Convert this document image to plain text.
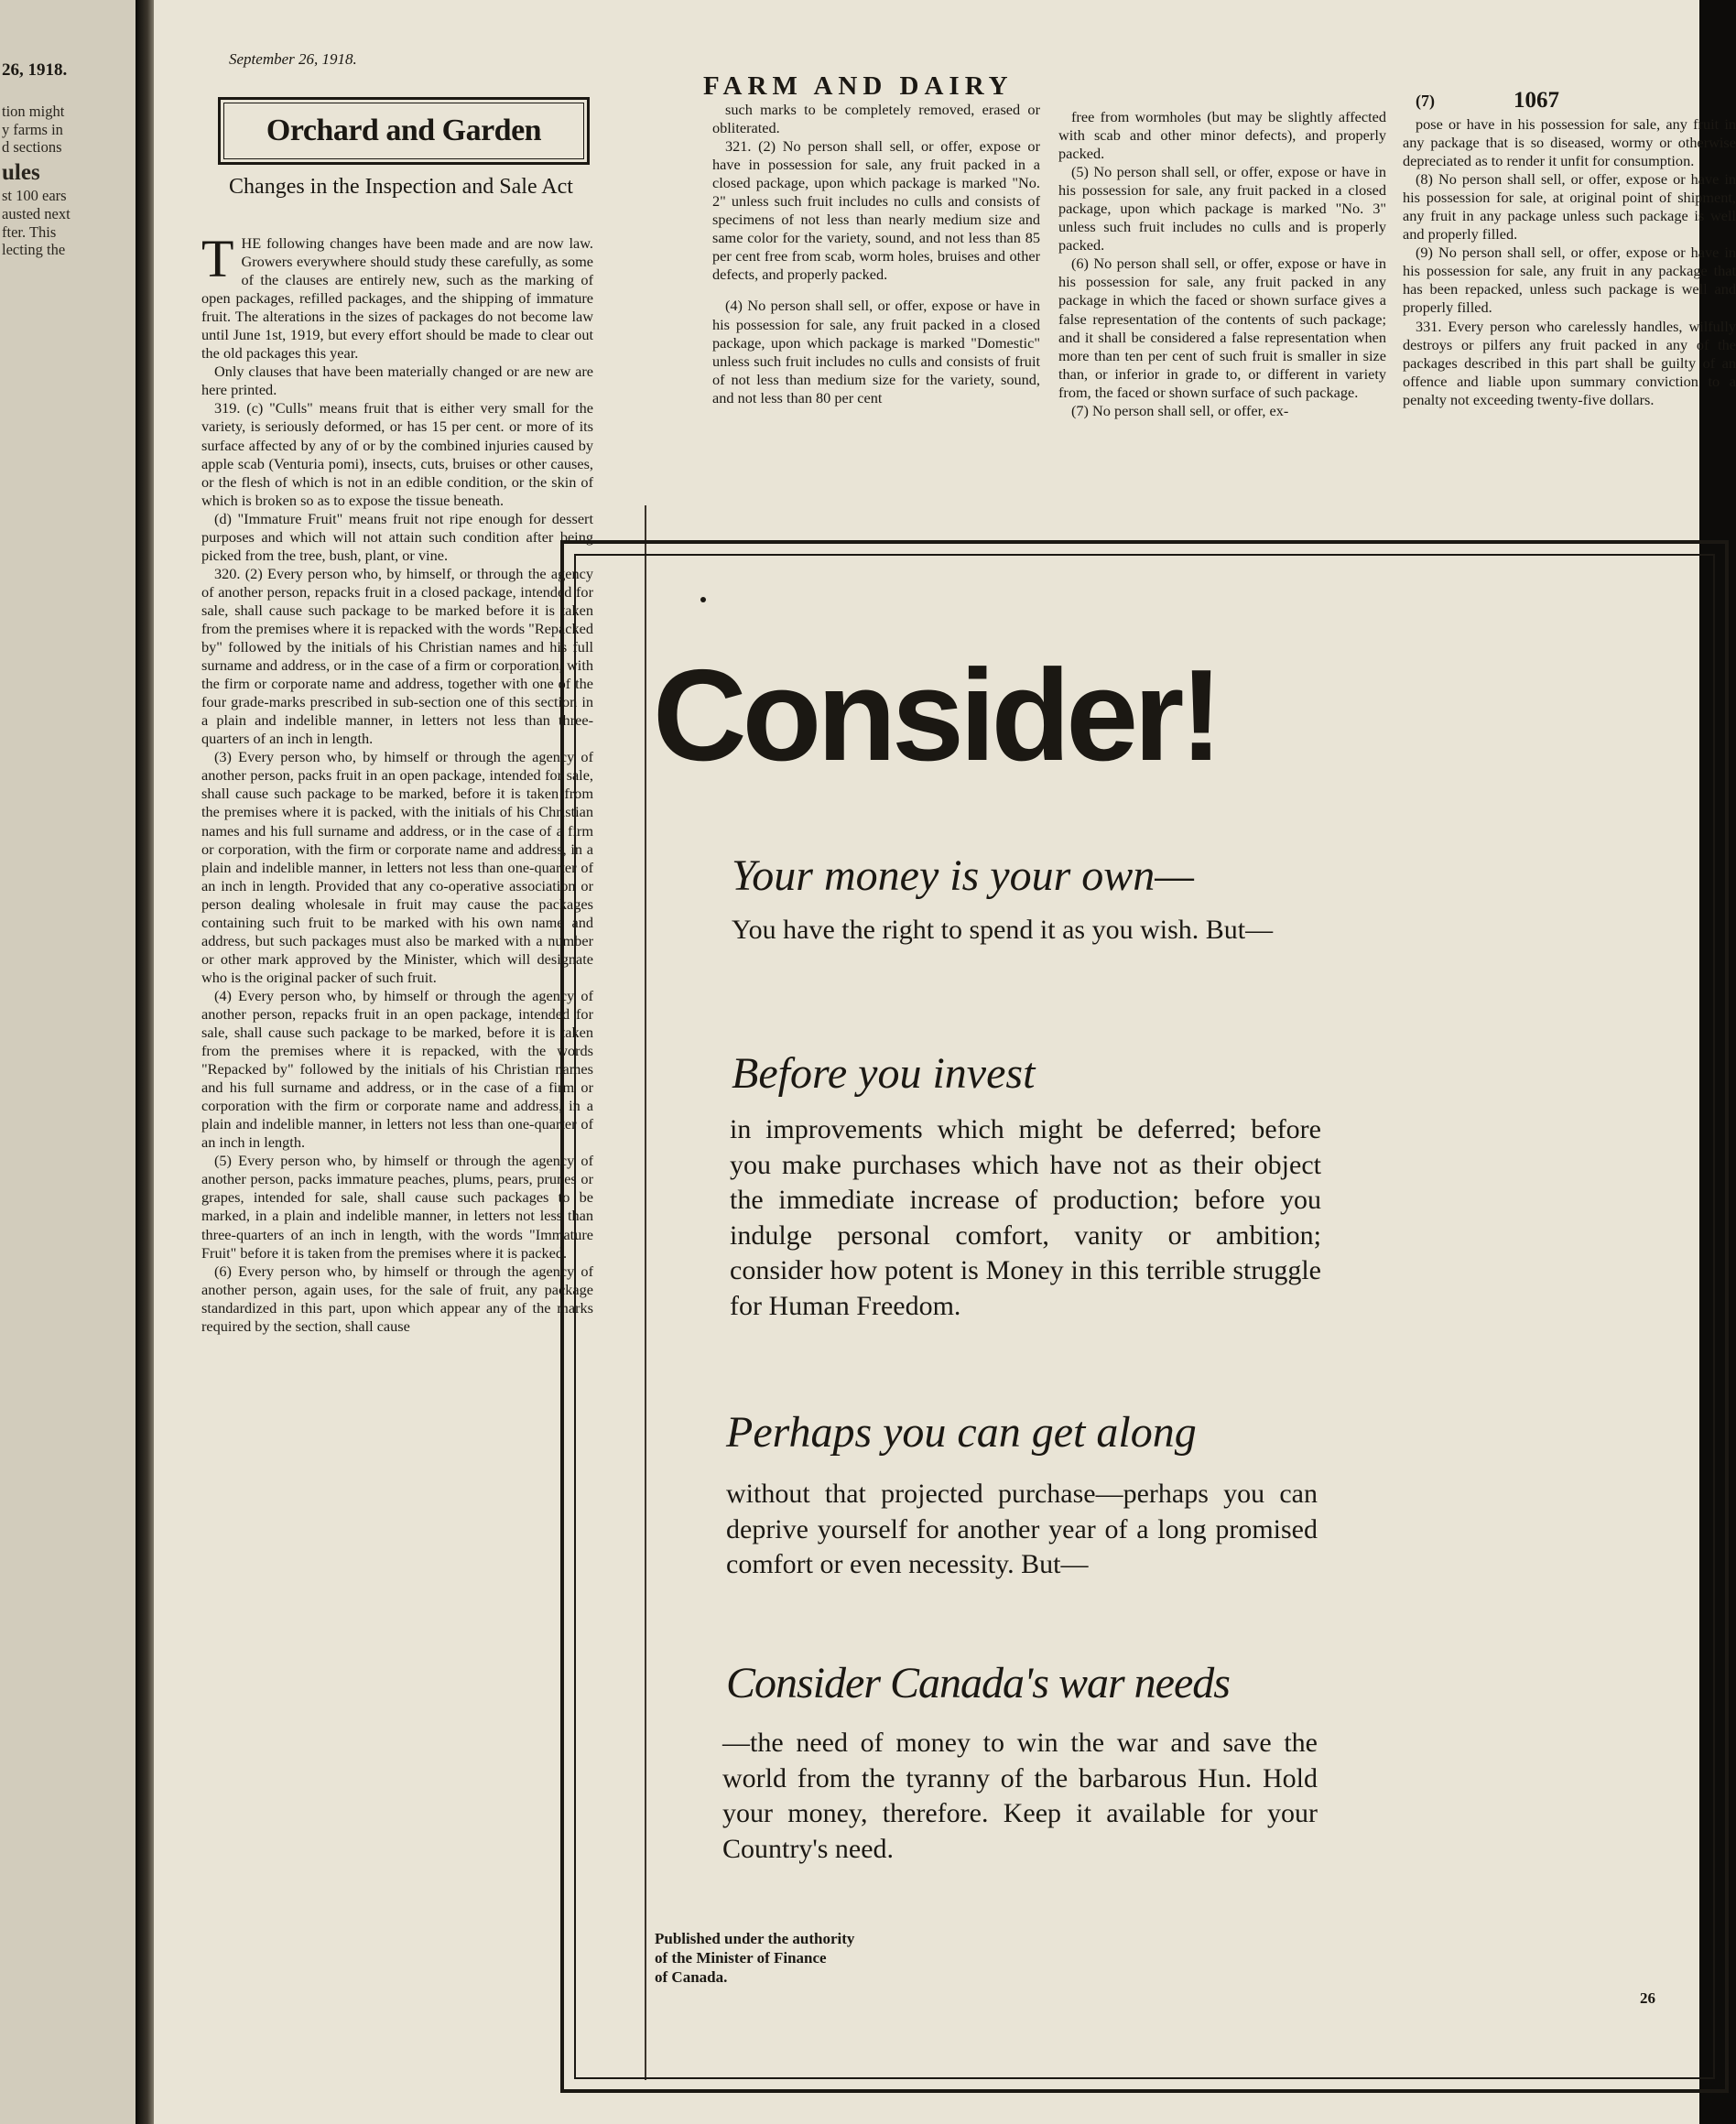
26, 1918.

tion might

y farms in

d sections

ules

st 100 ears

austed next

fter. This

lecting the

September 26, 1918.
FARM AND DAIRY	(7)	1067
Orchard and Garden
Changes in the Inspection and Sale Act

THE following changes have been made and are now law. Growers everywhere should study these carefully, as some of the clauses are entirely new, such as the marking of open packages, refilled packages, and the shipping of immature fruit. The alterations in the sizes of packages do not become law until June 1st, 1919, but every effort should be made to clear out the old packages this year.

Only clauses that have been materially changed or are new are here printed.

319. (c) "Culls" means fruit that is either very small for the variety, is seriously deformed, or has 15 per cent. or more of its surface affected by any of or by the combined injuries caused by apple scab (Venturia pomi), insects, cuts, bruises or other causes, or the flesh of which is not in an edible condition, or the skin of which is broken so as to expose the tissue beneath.

(d) "Immature Fruit" means fruit not ripe enough for dessert purposes and which will not attain such condition after being picked from the tree, bush, plant, or vine.

320. (2) Every person who, by himself, or through the agency of another person, repacks fruit in a closed package, intended for sale, shall cause such package to be marked before it is taken from the premises where it is repacked with the words "Repacked by" followed by the initials of his Christian names and his full surname and address, or in the case of a firm or corporation, with the firm or corporate name and address, together with one of the four grade-marks prescribed in sub-section one of this section in a plain and indelible manner, in letters not less than three-quarters of an inch in length.

(3) Every person who, by himself or through the agency of another person, packs fruit in an open package, intended for sale, shall cause such package to be marked, before it is taken from the premises where it is packed, with the initials of his Christian names and his full surname and address, or in the case of a firm or corporation, with the firm or corporate name and address, in a plain and indelible manner, in letters not less than one-quarter of an inch in length. Provided that any co-operative association or person dealing wholesale in fruit may cause the packages containing such fruit to be marked with his own name and address, but such packages must also be marked with a number or other mark approved by the Minister, which will designate who is the original packer of such fruit.

(4) Every person who, by himself or through the agency of another person, repacks fruit in an open package, intended for sale, shall cause such package to be marked, before it is taken from the premises where it is repacked, with the words "Repacked by" followed by the initials of his Christian names and his full surname and address, or in the case of a firm or corporation with the firm or corporate name and address, in a plain and indelible manner, in letters not less than one-quarter of an inch in length.

(5) Every person who, by himself or through the agency of another person, packs immature peaches, plums, pears, prunes or grapes, intended for sale, shall cause such packages to be marked, in a plain and indelible manner, in letters not less than three-quarters of an inch in length, with the words "Immature Fruit" before it is taken from the premises where it is packed.

(6) Every person who, by himself or through the agency of another person, again uses, for the sale of fruit, any package standardized in this part, upon which appear any of the marks required by the section, shall cause

such marks to be completely removed, erased or obliterated.

321. (2) No person shall sell, or offer, expose or have in possession for sale, any fruit packed in a closed package, upon which package is marked "No. 2" unless such fruit includes no culls and consists of specimens of not less than nearly medium size and same color for the variety, sound, and not less than 85 per cent free from scab, worm holes, bruises and other defects, and properly packed.

(4) No person shall sell, or offer, expose or have in his possession for sale, any fruit packed in a closed package, upon which package is marked "Domestic" unless such fruit includes no culls and consists of fruit of not less than medium size for the variety, sound, and not less than 80 per cent

free from wormholes (but may be slightly affected with scab and other minor defects), and properly packed.

(5) No person shall sell, or offer, expose or have in his possession for sale, any fruit packed in a closed package, upon which package is marked "No. 3" unless such fruit includes no culls and is properly packed.

(6) No person shall sell, or offer, expose or have in his possession for sale, any fruit packed in any package in which the faced or shown surface gives a false representation of the contents of such package; and it shall be considered a false representation when more than ten per cent of such fruit is smaller in size than, or inferior in grade to, or different in variety from, the faced or shown surface of such package.

(7) No person shall sell, or offer, ex-

pose or have in his possession for sale, any fruit in any package that is so diseased, wormy or otherwise depreciated as to render it unfit for consumption.

(8) No person shall sell, or offer, expose or have in his possession for sale, at original point of shipment, any fruit in any package unless such package is well and properly filled.

(9) No person shall sell, or offer, expose or have in his possession for sale, any fruit in any package that has been repacked, unless such package is well and properly filled.

331. Every person who carelessly handles, wilfully destroys or pilfers any fruit packed in any of the packages described in this part shall be guilty of an offence and liable upon summary conviction to a penalty not exceeding twenty-five dollars.

Consider!
Your money is your own—
You have the right to spend it as you wish. But—
Before you invest
in improvements which might be deferred; before you make purchases which have not as their object the immediate increase of production; before you indulge personal comfort, vanity or ambition; consider how potent is Money in this terrible struggle for Human Freedom.
Perhaps you can get along
without that projected purchase—perhaps you can deprive yourself for another year of a long promised comfort or even necessity. But—
Consider Canada's war needs
—the need of money to win the war and save the world from the tyranny of the barbarous Hun. Hold your money, therefore. Keep it available for your Country's need.
Published under the authority
of the Minister of Finance
of Canada.
26
